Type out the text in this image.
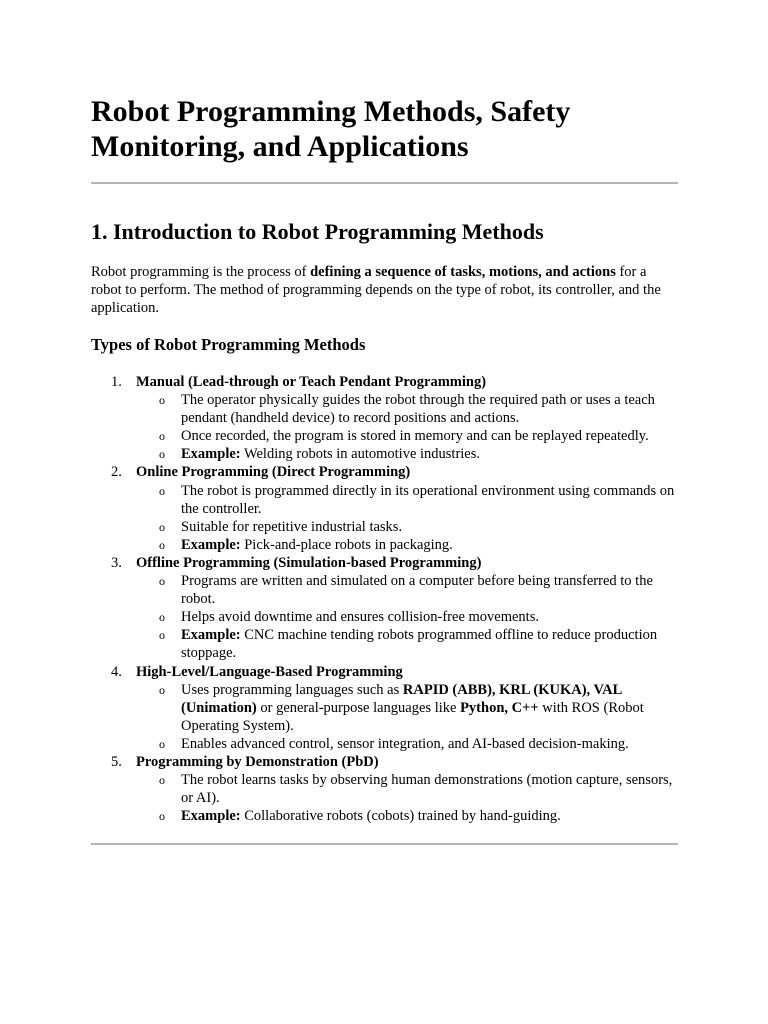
Robot Programming Methods, Safety Monitoring, and Applications
1. Introduction to Robot Programming Methods

Robot programming is the process of defining a sequence of tasks, motions, and actions for a robot to perform. The method of programming depends on the type of robot, its controller, and the application.

Types of Robot Programming Methods
1. Manual (Lead-through or Teach Pendant Programming)
o The operator physically guides the robot through the required path or uses a teach pendant (handheld device) to record positions and actions.
o Once recorded, the program is stored in memory and can be replayed repeatedly.
o Example: Welding robots in automotive industries.
2. Online Programming (Direct Programming)
o The robot is programmed directly in its operational environment using commands on the controller.
o Suitable for repetitive industrial tasks.
o Example: Pick-and-place robots in packaging.
3. Offline Programming (Simulation-based Programming)
o Programs are written and simulated on a computer before being transferred to the robot.
o Helps avoid downtime and ensures collision-free movements.
o Example: CNC machine tending robots programmed offline to reduce production stoppage.
4. High-Level/Language-Based Programming
o Uses programming languages such as RAPID (ABB), KRL (KUKA), VAL (Unimation) or general-purpose languages like Python, C++ with ROS (Robot Operating System).
o Enables advanced control, sensor integration, and AI-based decision-making.
5. Programming by Demonstration (PbD)
o The robot learns tasks by observing human demonstrations (motion capture, sensors, or AI).
o Example: Collaborative robots (cobots) trained by hand-guiding.
